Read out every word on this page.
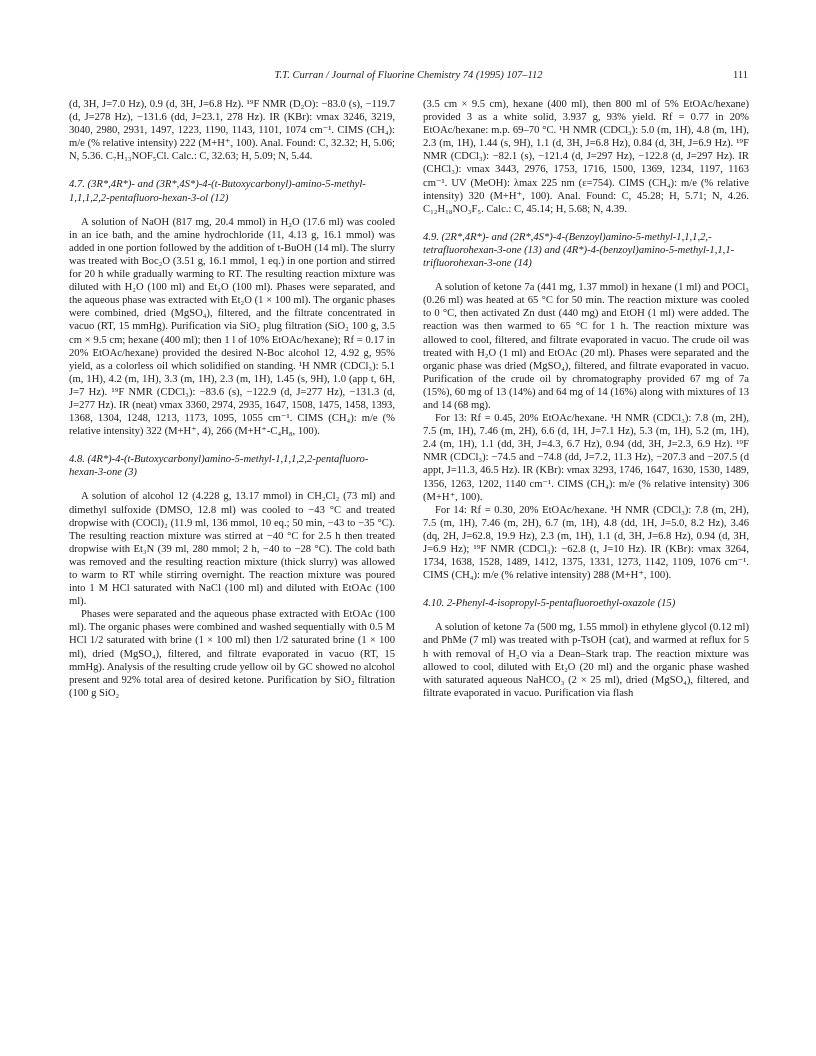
T.T. Curran / Journal of Fluorine Chemistry 74 (1995) 107–112	111

(d, 3H, J=7.0 Hz), 0.9 (d, 3H, J=6.8 Hz). ¹⁹F NMR (D₂O): −83.0 (s), −119.7 (d, J=278 Hz), −131.6 (dd, J=23.1, 278 Hz). IR (KBr): νmax 3246, 3219, 3040, 2980, 2931, 1497, 1223, 1190, 1143, 1101, 1074 cm⁻¹. CIMS (CH₄): m/e (% relative intensity) 222 (M+H⁺, 100). Anal. Found: C, 32.32; H, 5.06; N, 5.36. C₇H₁₃NOF₅Cl. Calc.: C, 32.63; H, 5.09; N, 5.44.

4.7. (3R*,4R*)- and (3R*,4S*)-4-(t-Butoxycarbonyl)-amino-5-methyl-1,1,1,2,2-pentafluoro-hexan-3-ol (12)

A solution of NaOH (817 mg, 20.4 mmol) in H₂O (17.6 ml) was cooled in an ice bath, and the amine hydrochloride (11, 4.13 g, 16.1 mmol) was added in one portion followed by the addition of t-BuOH (14 ml). The slurry was treated with Boc₂O (3.51 g, 16.1 mmol, 1 eq.) in one portion and stirred for 20 h while gradually warming to RT. The resulting reaction mixture was diluted with H₂O (100 ml) and Et₂O (100 ml). Phases were separated, and the aqueous phase was extracted with Et₂O (1 × 100 ml). The organic phases were combined, dried (MgSO₄), filtered, and the filtrate concentrated in vacuo (RT, 15 mmHg). Purification via SiO₂ plug filtration (SiO₂ 100 g, 3.5 cm × 9.5 cm; hexane (400 ml); then 1 l of 10% EtOAc/hexane); Rf = 0.17 in 20% EtOAc/hexane) provided the desired N-Boc alcohol 12, 4.92 g, 95% yield, as a colorless oil which solidified on standing. ¹H NMR (CDCl₃): 5.1 (m, 1H), 4.2 (m, 1H), 3.3 (m, 1H), 2.3 (m, 1H), 1.45 (s, 9H), 1.0 (app t, 6H, J=7 Hz). ¹⁹F NMR (CDCl₃): −83.6 (s), −122.9 (d, J=277 Hz), −131.3 (d, J=277 Hz). IR (neat) νmax 3360, 2974, 2935, 1647, 1508, 1475, 1458, 1393, 1368, 1304, 1248, 1213, 1173, 1095, 1055 cm⁻¹. CIMS (CH₄): m/e (% relative intensity) 322 (M+H⁺, 4), 266 (M+H⁺-C₄H₈, 100).

4.8. (4R*)-4-(t-Butoxycarbonyl)amino-5-methyl-1,1,1,2,2-pentafluoro-hexan-3-one (3)

A solution of alcohol 12 (4.228 g, 13.17 mmol) in CH₂Cl₂ (73 ml) and dimethyl sulfoxide (DMSO, 12.8 ml) was cooled to −43 °C and treated dropwise with (COCl)₂ (11.9 ml, 136 mmol, 10 eq.; 50 min, −43 to −35 °C). The resulting reaction mixture was stirred at −40 °C for 2.5 h then treated dropwise with Et₃N (39 ml, 280 mmol; 2 h, −40 to −28 °C). The cold bath was removed and the resulting reaction mixture (thick slurry) was allowed to warm to RT while stirring overnight. The reaction mixture was poured into 1 M HCl saturated with NaCl (100 ml) and diluted with EtOAc (100 ml).

Phases were separated and the aqueous phase extracted with EtOAc (100 ml). The organic phases were combined and washed sequentially with 0.5 M HCl 1/2 saturated with brine (1 × 100 ml) then 1/2 saturated brine (1 × 100 ml), dried (MgSO₄), filtered, and filtrate evaporated in vacuo (RT, 15 mmHg). Analysis of the resulting crude yellow oil by GC showed no alcohol present and 92% total area of desired ketone. Purification by SiO₂ filtration (100 g SiO₂

(3.5 cm × 9.5 cm), hexane (400 ml), then 800 ml of 5% EtOAc/hexane) provided 3 as a white solid, 3.937 g, 93% yield. Rf = 0.77 in 20% EtOAc/hexane: m.p. 69–70 °C. ¹H NMR (CDCl₃): 5.0 (m, 1H), 4.8 (m, 1H), 2.3 (m, 1H), 1.44 (s, 9H), 1.1 (d, 3H, J=6.8 Hz), 0.84 (d, 3H, J=6.9 Hz). ¹⁹F NMR (CDCl₃): −82.1 (s), −121.4 (d, J=297 Hz), −122.8 (d, J=297 Hz). IR (CHCl₃): νmax 3443, 2976, 1753, 1716, 1500, 1369, 1234, 1197, 1163 cm⁻¹. UV (MeOH): λmax 225 nm (ε=754). CIMS (CH₄): m/e (% relative intensity) 320 (M+H⁺, 100). Anal. Found: C, 45.28; H, 5.71; N, 4.26. C₁₂H₁₈NO₃F₅. Calc.: C, 45.14; H, 5.68; N, 4.39.

4.9. (2R*,4R*)- and (2R*,4S*)-4-(Benzoyl)amino-5-methyl-1,1,1,2,-tetrafluorohexan-3-one (13) and (4R*)-4-(benzoyl)amino-5-methyl-1,1,1-trifluorohexan-3-one (14)

A solution of ketone 7a (441 mg, 1.37 mmol) in hexane (1 ml) and POCl₃ (0.26 ml) was heated at 65 °C for 50 min. The reaction mixture was cooled to 0 °C, then activated Zn dust (440 mg) and EtOH (1 ml) were added. The reaction was then warmed to 65 °C for 1 h. The reaction mixture was allowed to cool, filtered, and filtrate evaporated in vacuo. The crude oil was treated with H₂O (1 ml) and EtOAc (20 ml). Phases were separated and the organic phase was dried (MgSO₄), filtered, and filtrate evaporated in vacuo. Purification of the crude oil by chromatography provided 67 mg of 7a (15%), 60 mg of 13 (14%) and 64 mg of 14 (16%) along with mixtures of 13 and 14 (68 mg).

For 13: Rf = 0.45, 20% EtOAc/hexane. ¹H NMR (CDCl₃): 7.8 (m, 2H), 7.5 (m, 1H), 7.46 (m, 2H), 6.6 (d, 1H, J=7.1 Hz), 5.3 (m, 1H), 5.2 (m, 1H), 2.4 (m, 1H), 1.1 (dd, 3H, J=4.3, 6.7 Hz), 0.94 (dd, 3H, J=2.3, 6.9 Hz). ¹⁹F NMR (CDCl₃): −74.5 and −74.8 (dd, J=7.2, 11.3 Hz), −207.3 and −207.5 (d appt, J=11.3, 46.5 Hz). IR (KBr): νmax 3293, 1746, 1647, 1630, 1530, 1489, 1356, 1263, 1202, 1140 cm⁻¹. CIMS (CH₄): m/e (% relative intensity) 306 (M+H⁺, 100).

For 14: Rf = 0.30, 20% EtOAc/hexane. ¹H NMR (CDCl₃): 7.8 (m, 2H), 7.5 (m, 1H), 7.46 (m, 2H), 6.7 (m, 1H), 4.8 (dd, 1H, J=5.0, 8.2 Hz), 3.46 (dq, 2H, J=62.8, 19.9 Hz), 2.3 (m, 1H), 1.1 (d, 3H, J=6.8 Hz), 0.94 (d, 3H, J=6.9 Hz); ¹⁹F NMR (CDCl₃): −62.8 (t, J=10 Hz). IR (KBr): νmax 3264, 1734, 1638, 1528, 1489, 1412, 1375, 1331, 1273, 1142, 1109, 1076 cm⁻¹. CIMS (CH₄): m/e (% relative intensity) 288 (M+H⁺, 100).

4.10. 2-Phenyl-4-isopropyl-5-pentafluoroethyl-oxazole (15)

A solution of ketone 7a (500 mg, 1.55 mmol) in ethylene glycol (0.12 ml) and PhMe (7 ml) was treated with p-TsOH (cat), and warmed at reflux for 5 h with removal of H₂O via a Dean–Stark trap. The reaction mixture was allowed to cool, diluted with Et₂O (20 ml) and the organic phase washed with saturated aqueous NaHCO₃ (2 × 25 ml), dried (MgSO₄), filtered, and filtrate evaporated in vacuo. Purification via flash
